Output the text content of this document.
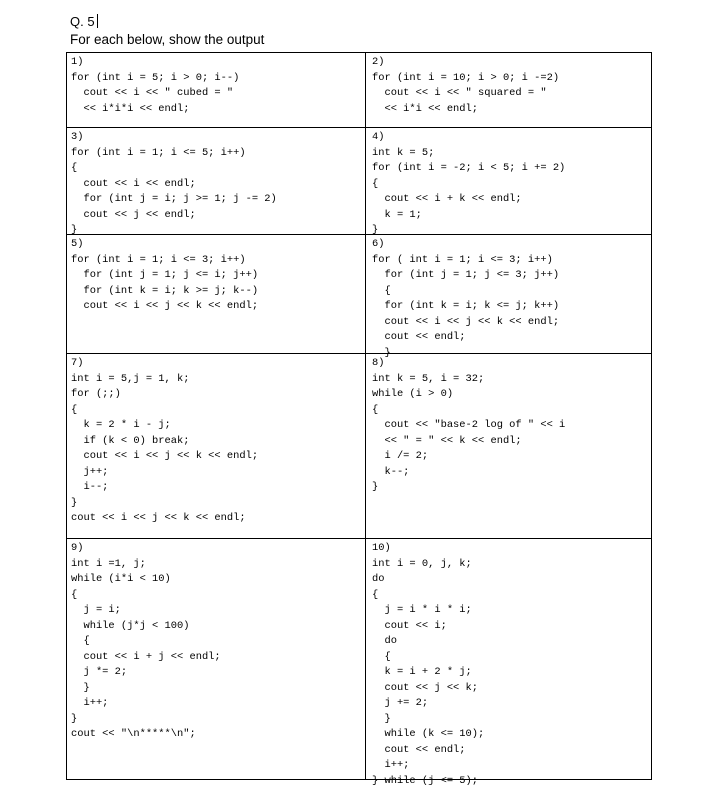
Q. 5
For each below, show the output
1)
for (int i = 5; i > 0; i--)
cout << i << " cubed = "
<< i*i*i << endl;
2)
for (int i = 10; i > 0; i -=2)
cout << i << " squared = "
<< i*i << endl;
3)
for (int i = 1; i <= 5; i++)
{
cout << i << endl;
for (int j = i; j >= 1; j -= 2)
cout << j << endl;
}
4)
int k = 5;
for (int i = -2; i < 5; i += 2)
{
cout << i + k << endl;
k = 1;
}
5)
for (int i = 1; i <= 3; i++)
for (int j = 1; j <= i; j++)
for (int k = i; k >= j; k--)
cout << i << j << k << endl;
6)
for ( int i = 1; i <= 3; i++)
for (int j = 1; j <= 3; j++)
{
for (int k = i; k <= j; k++)
cout << i << j << k << endl;
cout << endl;
}
7)
int i = 5,j = 1, k;
for (;;)
{
k = 2 * i - j;
if (k < 0) break;
cout << i << j << k << endl;
j++;
i--;
}
cout << i << j << k << endl;
8)
int k = 5, i = 32;
while (i > 0)
{
cout << "base-2 log of " << i
<< " = " << k << endl;
i /= 2;
k--;
}
9)
int i =1, j;
while (i*i < 10)
{
j = i;
while (j*j < 100)
{
cout << i + j << endl;
j *= 2;
}
i++;
}
cout << "\n*****\n";
10)
int i = 0, j, k;
do
{
j = i * i * i;
cout << i;
do
{
k = i + 2 * j;
cout << j << k;
j += 2;
}
while (k <= 10);
cout << endl;
i++;
} while (j <= 5);
